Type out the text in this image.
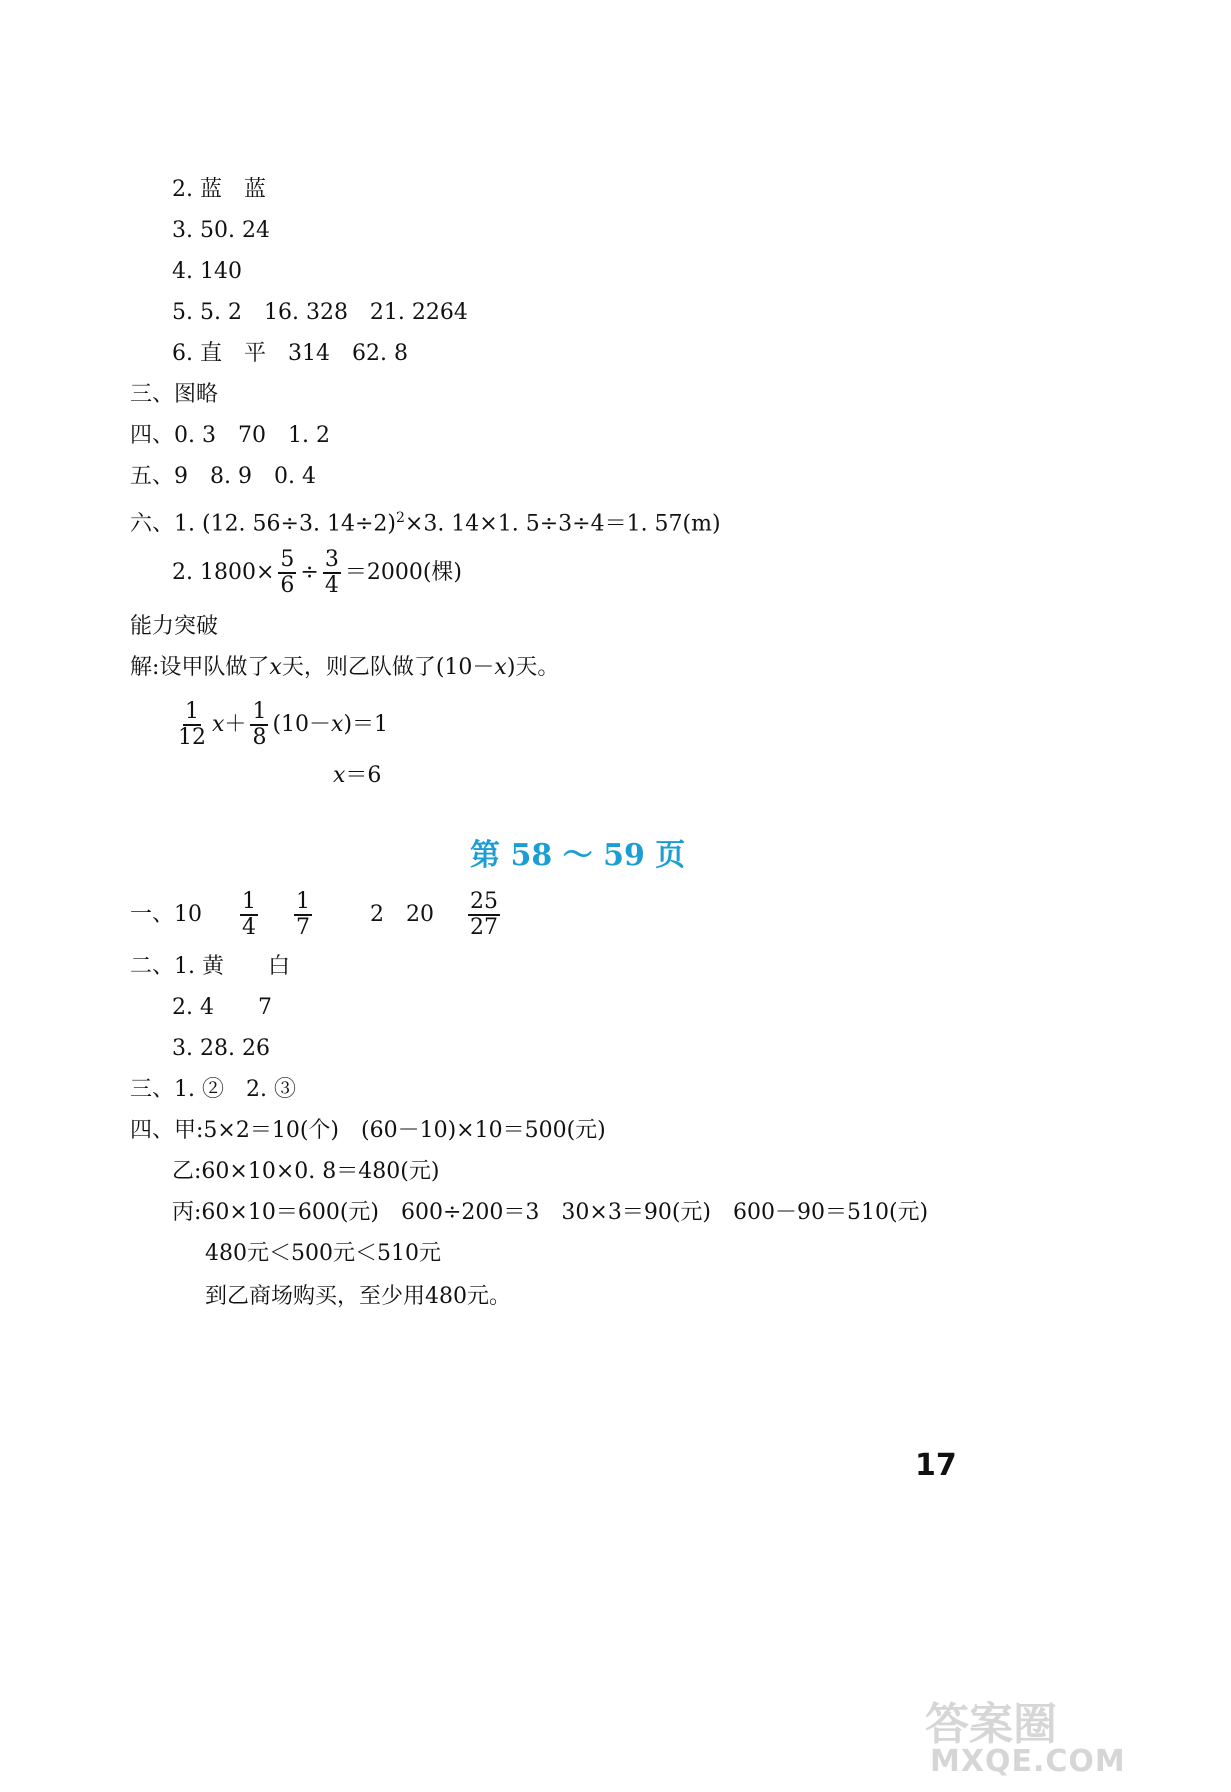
2. 蓝　蓝
3. 50. 24
4. 140
5. 5. 2　16. 328　21. 2264
6. 直　平　314　62. 8
三、图略
四、0. 3　70　1. 2
五、9　8. 9　0. 4
六、1. (12. 56÷3. 14÷2)$^2$×3. 14×1. 5÷3÷4＝1. 57(m)
2. $1800\times \frac{5}{6} \div \frac{3}{4} =2000$(棵)
能力突破
解:设甲队做了x天，则乙队做了(10－x)天。
$\frac{1}{12} x+ \frac{1}{8} (10-x)=1$
x＝6
第 58 ～ 59 页
一、$10 \frac{1}{4}$
$\frac{1}{7}$	2　$20 \frac{25}{27}$
二、1. 黄　　白
2. 4　　7
3. 28. 26
三、1. ②　2. ③
四、甲:5×2＝10(个)　(60－10)×10＝500(元)
乙:60×10×0. 8＝480(元)
丙:60×10＝600(元)　600÷200＝3　30×3＝90(元)　600－90＝510(元)
480元＜500元＜510元
到乙商场购买，至少用480元。
17
答案圈
MXQE.COM
